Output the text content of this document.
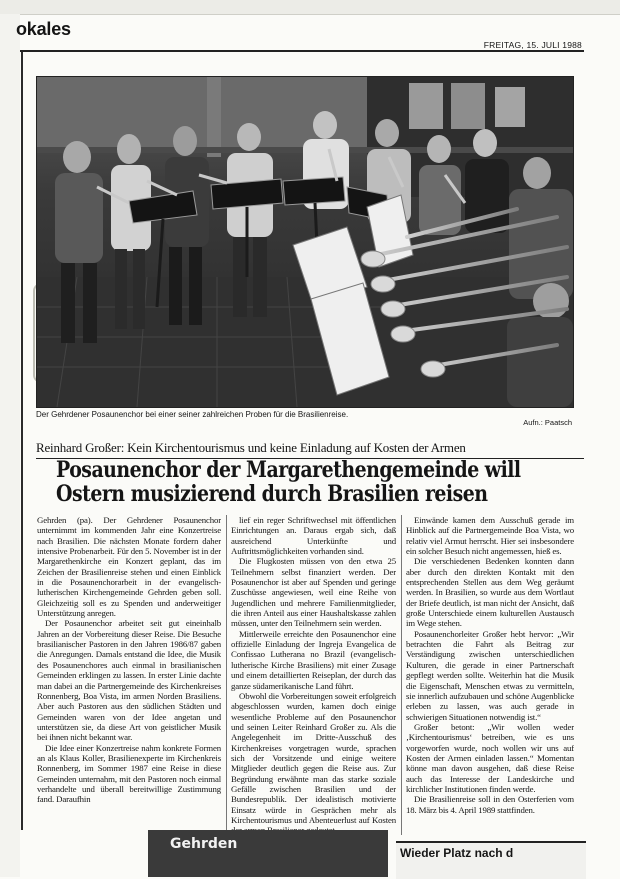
okales
FREITAG, 15. JULI 1988
Der Gehrdener Posaunenchor bei einer seiner zahlreichen Proben für die Brasilienreise.
Aufn.: Paatsch
Reinhard Großer: Kein Kirchentourismus und keine Einladung auf Kosten der Armen
Posaunenchor der Margarethengemeinde will
Ostern musizierend durch Brasilien reisen

Gehrden (pa). Der Gehrdener Posaunenchor unternimmt im kommenden Jahr eine Konzertreise nach Brasilien. Die nächsten Monate fordern daher intensive Probenarbeit. Für den 5. November ist in der Margarethenkirche ein Konzert geplant, das im Zeichen der Brasilienreise stehen und einen Einblick in die Posaunenchorarbeit in der evangelisch-lutherischen Kirchengemeinde Gehrden geben soll. Gleichzeitig soll es zu Spenden und anderweitiger Unterstützung anregen.

Der Posaunenchor arbeitet seit gut eineinhalb Jahren an der Vorbereitung dieser Reise. Die Besuche brasilianischer Pastoren in den Jahren 1986/87 gaben die Anregungen. Damals entstand die Idee, die Musik des Posaunenchores auch einmal in brasilianischen Gemeinden erklingen zu lassen. In erster Linie dachte man dabei an die Partnergemeinde des Kirchenkreises Ronnenberg, Boa Vista, im armen Norden Brasiliens. Aber auch Pastoren aus den südlichen Städten und Gemeinden waren von der Idee angetan und unterstützen sie, da diese Art von geistlicher Musik bei ihnen nicht bekannt war.

Die Idee einer Konzertreise nahm konkrete Formen an als Klaus Koller, Brasilienexperte im Kirchenkreis Ronnenberg, im Sommer 1987 eine Reise in diese Gemeinden unternahm, mit den Pastoren noch einmal verhandelte und überall bereitwillige Zustimmung fand. Daraufhin

lief ein reger Schriftwechsel mit öffentlichen Einrichtungen an. Daraus ergab sich, daß ausreichend Unterkünfte und Auftrittsmöglichkeiten vorhanden sind.

Die Flugkosten müssen von den etwa 25 Teilnehmern selbst finanziert werden. Der Posaunenchor ist aber auf Spenden und geringe Zuschüsse angewiesen, weil eine Reihe von Jugendlichen und mehrere Familienmitglieder, die ihren Anteil aus einer Haushaltskasse zahlen müssen, unter den Teilnehmern sein werden.

Mittlerweile erreichte den Posaunenchor eine offizielle Einladung der Ingreja Evangelica de Confissao Lutherana no Brazil (evangelisch-lutherische Kirche Brasiliens) mit einer Zusage und einem detaillierten Reiseplan, der durch das ganze südamerikanische Land führt.

Obwohl die Vorbereitungen soweit erfolgreich abgeschlossen wurden, kamen doch einige wesentliche Probleme auf den Posaunenchor und seinen Leiter Reinhard Großer zu. Als die Angelegenheit im Dritte-Ausschuß des Kirchenkreises vorgetragen wurde, sprachen sich der Vorsitzende und einige weitere Mitglieder deutlich gegen die Reise aus. Zur Begründung erwähnte man das starke soziale Gefälle zwischen Brasilien und der Bundesrepublik. Der idealistisch motivierte Einsatz würde in Gesprächen mehr als Kirchentourismus und Abenteuerlust auf Kosten

Einwände kamen dem Ausschuß gerade im Hinblick auf die Partnergemeinde Boa Vista, wo relativ viel Armut herrscht. Hier sei insbesondere ein solcher Besuch nicht angemessen, hieß es.

Die verschiedenen Bedenken konnten dann aber durch den direkten Kontakt mit den entsprechenden Stellen aus dem Weg geräumt werden. In Brasilien, so wurde aus dem Wortlaut der Briefe deutlich, ist man nicht der Ansicht, daß große Unterschiede einem kulturellen Austausch im Wege stehen.

Posaunenchorleiter Großer hebt hervor: „Wir betrachten die Fahrt als Beitrag zur Verständigung zwischen unterschiedlichen Kulturen, die gerade in einer Partnerschaft gepflegt werden sollte. Weiterhin hat die Musik die Eigenschaft, Menschen etwas zu vermitteln, sie innerlich aufzubauen und schöne Augenblicke erleben zu lassen, was auch gerade in schwierigen Situationen notwendig ist.“

Großer betont: „Wir wollen weder ‚Kirchentourismus‘ betreiben, wie es uns vorgeworfen wurde, noch wollen wir uns auf Kosten der Armen einladen lassen.“ Momentan könne man davon ausgehen, daß diese Reise auch das Interesse der Landeskirche und kirchlicher Institutionen finden werde.

Die Brasilienreise soll in den Osterferien vom 18. März bis 4. April 1989 stattfinden.

Gehrden
Wieder Platz nach d
